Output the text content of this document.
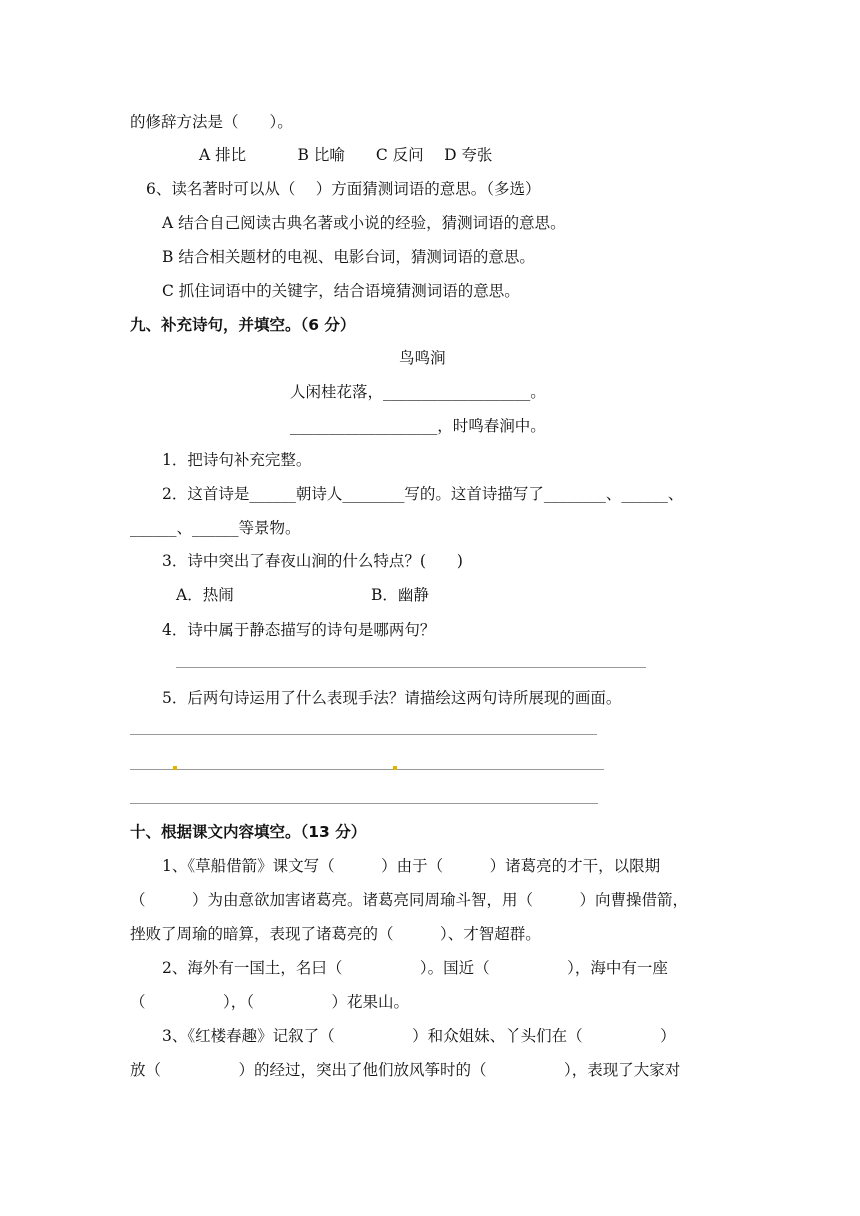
的修辞方法是（　　）。
A 排比　　　 B 比喻　　C 反问　 D 夸张
6、读名著时可以从（　 ）方面猜测词语的意思。（多选）
A 结合自己阅读古典名著或小说的经验，猜测词语的意思。
B 结合相关题材的电视、电影台词，猜测词语的意思。
C 抓住词语中的关键字，结合语境猜测词语的意思。
九、补充诗句，并填空。（6 分）
鸟鸣涧
人闲桂花落，___________________。
___________________，时鸣春涧中。
1．把诗句补充完整。
2．这首诗是______朝诗人________写的。这首诗描写了________、______、
______、______等景物。
3．诗中突出了春夜山涧的什么特点？(　　)
A．热闹	B．幽静
4．诗中属于静态描写的诗句是哪两句？
5．后两句诗运用了什么表现手法？请描绘这两句诗所展现的画面。
十、根据课文内容填空。（13 分）
1、《草船借箭》课文写（　　　）由于（　　　）诸葛亮的才干，以限期
（　　　）为由意欲加害诸葛亮。诸葛亮同周瑜斗智，用（　　　）向曹操借箭，
挫败了周瑜的暗算，表现了诸葛亮的（　　　）、才智超群。
2、海外有一国土，名曰（　　　　　）。国近（　　　　　），海中有一座
（　　　　　），（　　　　　）花果山。
3、《红楼春趣》记叙了（　　　　　）和众姐妹、丫头们在（　　　　　）
放（　　　　　）的经过，突出了他们放风筝时的（　　　　　），表现了大家对
